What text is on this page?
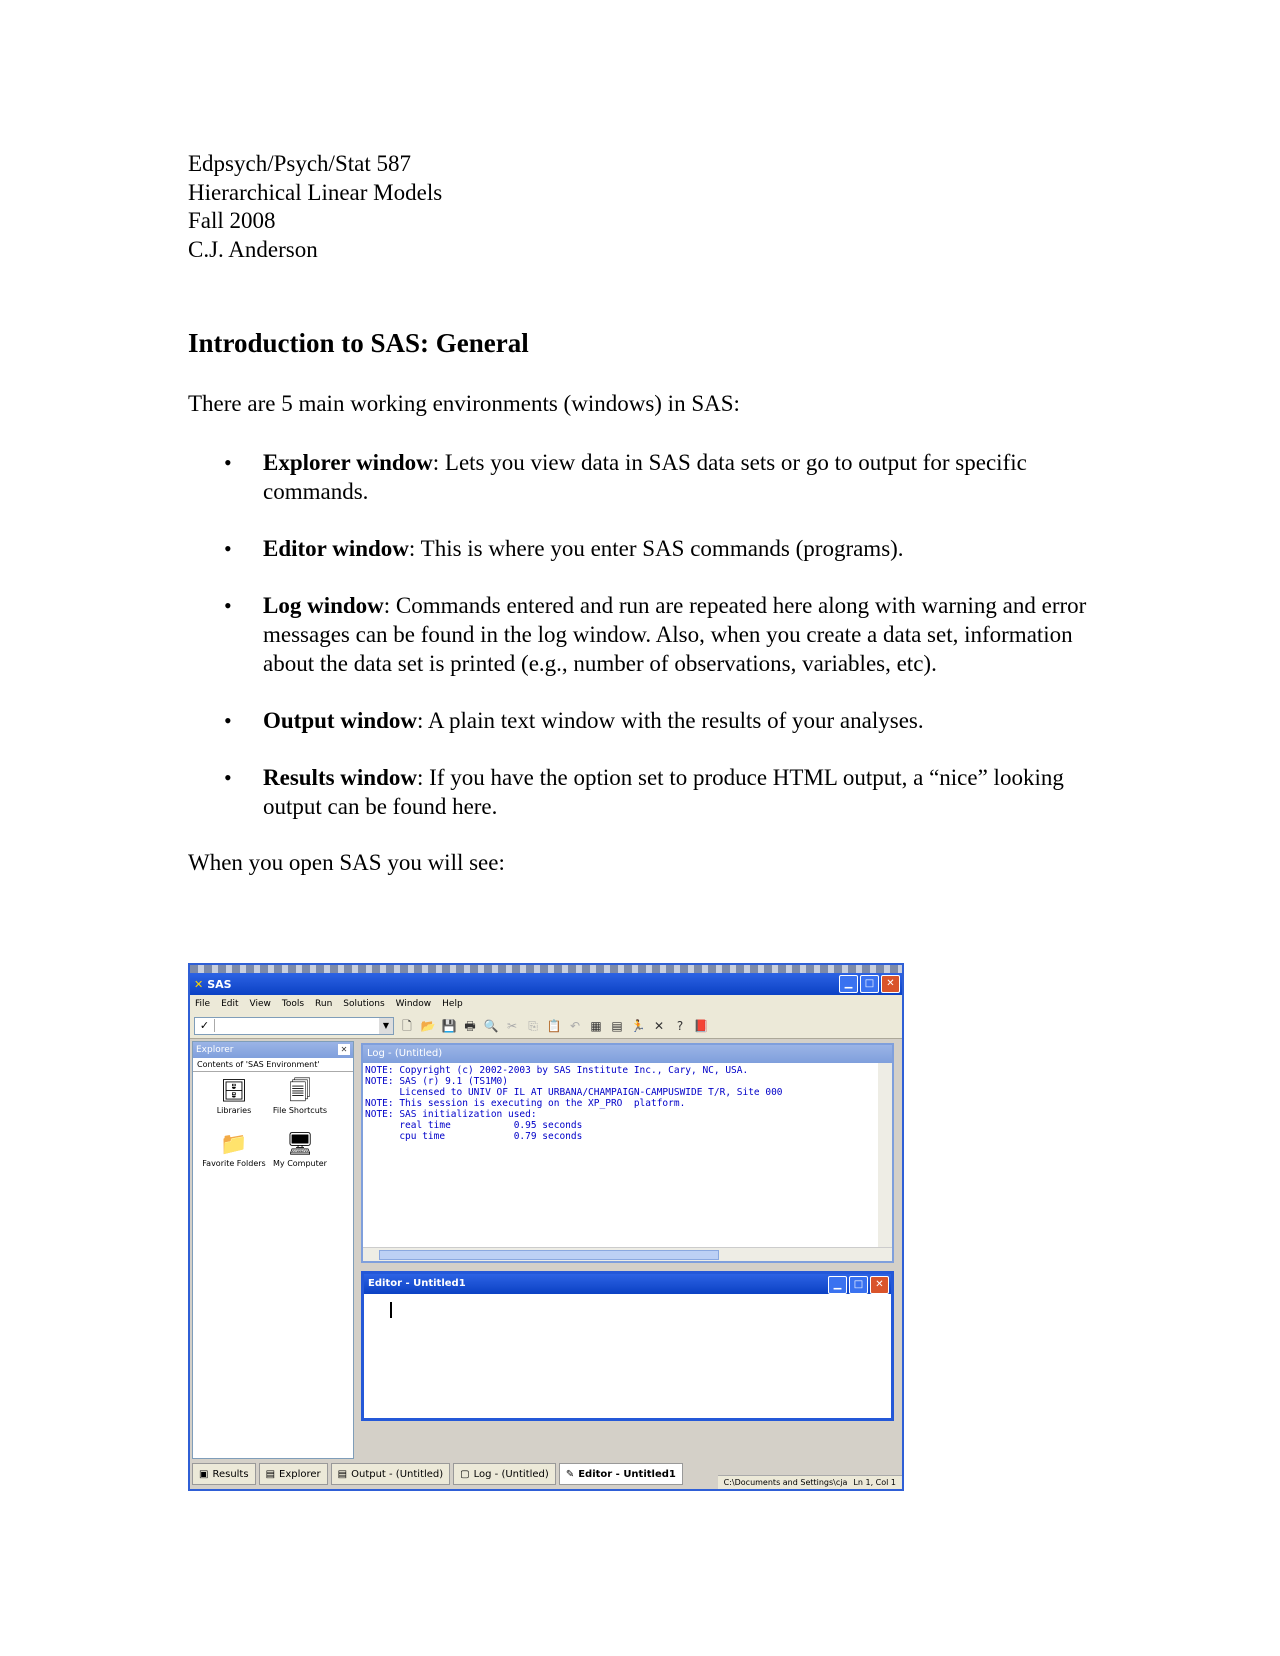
Edpsych/Psych/Stat 587
Hierarchical Linear Models
Fall 2008
C.J. Anderson
Introduction to SAS: General

There are 5 main working environments (windows) in SAS:

• Explorer window: Lets you view data in SAS data sets or go to output for specific commands.
• Editor window: This is where you enter SAS commands (programs).
• Log window: Commands entered and run are repeated here along with warning and error messages can be found in the log window. Also, when you create a data set, information about the data set is printed (e.g., number of observations, variables, etc).
• Output window: A plain text window with the results of your analyses.
• Results window: If you have the option set to produce HTML output, a “nice” looking output can be found here.

When you open SAS you will see:

✕ SAS	▁	□	✕
File Edit View Tools Run Solutions Window Help
✓	▼	🗋 📂 💾 🖶 🔍 ✂ ⎘ 📋 ↶ ▦ ▤ 🏃 ✕	? 📕
Explorer	✕
Contents of 'SAS Environment'
🗄
Libraries
🗐
File Shortcuts
📁
Favorite Folders
🖥
My Computer
Log - (Untitled)
NOTE: Copyright (c) 2002-2003 by SAS Institute Inc., Cary, NC, USA.
NOTE: SAS (r) 9.1 (TS1M0)
Licensed to UNIV OF IL AT URBANA/CHAMPAIGN-CAMPUSWIDE T/R, Site 000
NOTE: This session is executing on the XP_PRO  platform.
NOTE: SAS initialization used:
real time           0.95 seconds
cpu time            0.79 seconds
Editor - Untitled1	▁	□	✕
▣ Results ▤ Explorer ▤ Output - (Untitled) ▢ Log - (Untitled) ✎ Editor - Untitled1
C:\Documents and Settings\cja Ln 1, Col 1
